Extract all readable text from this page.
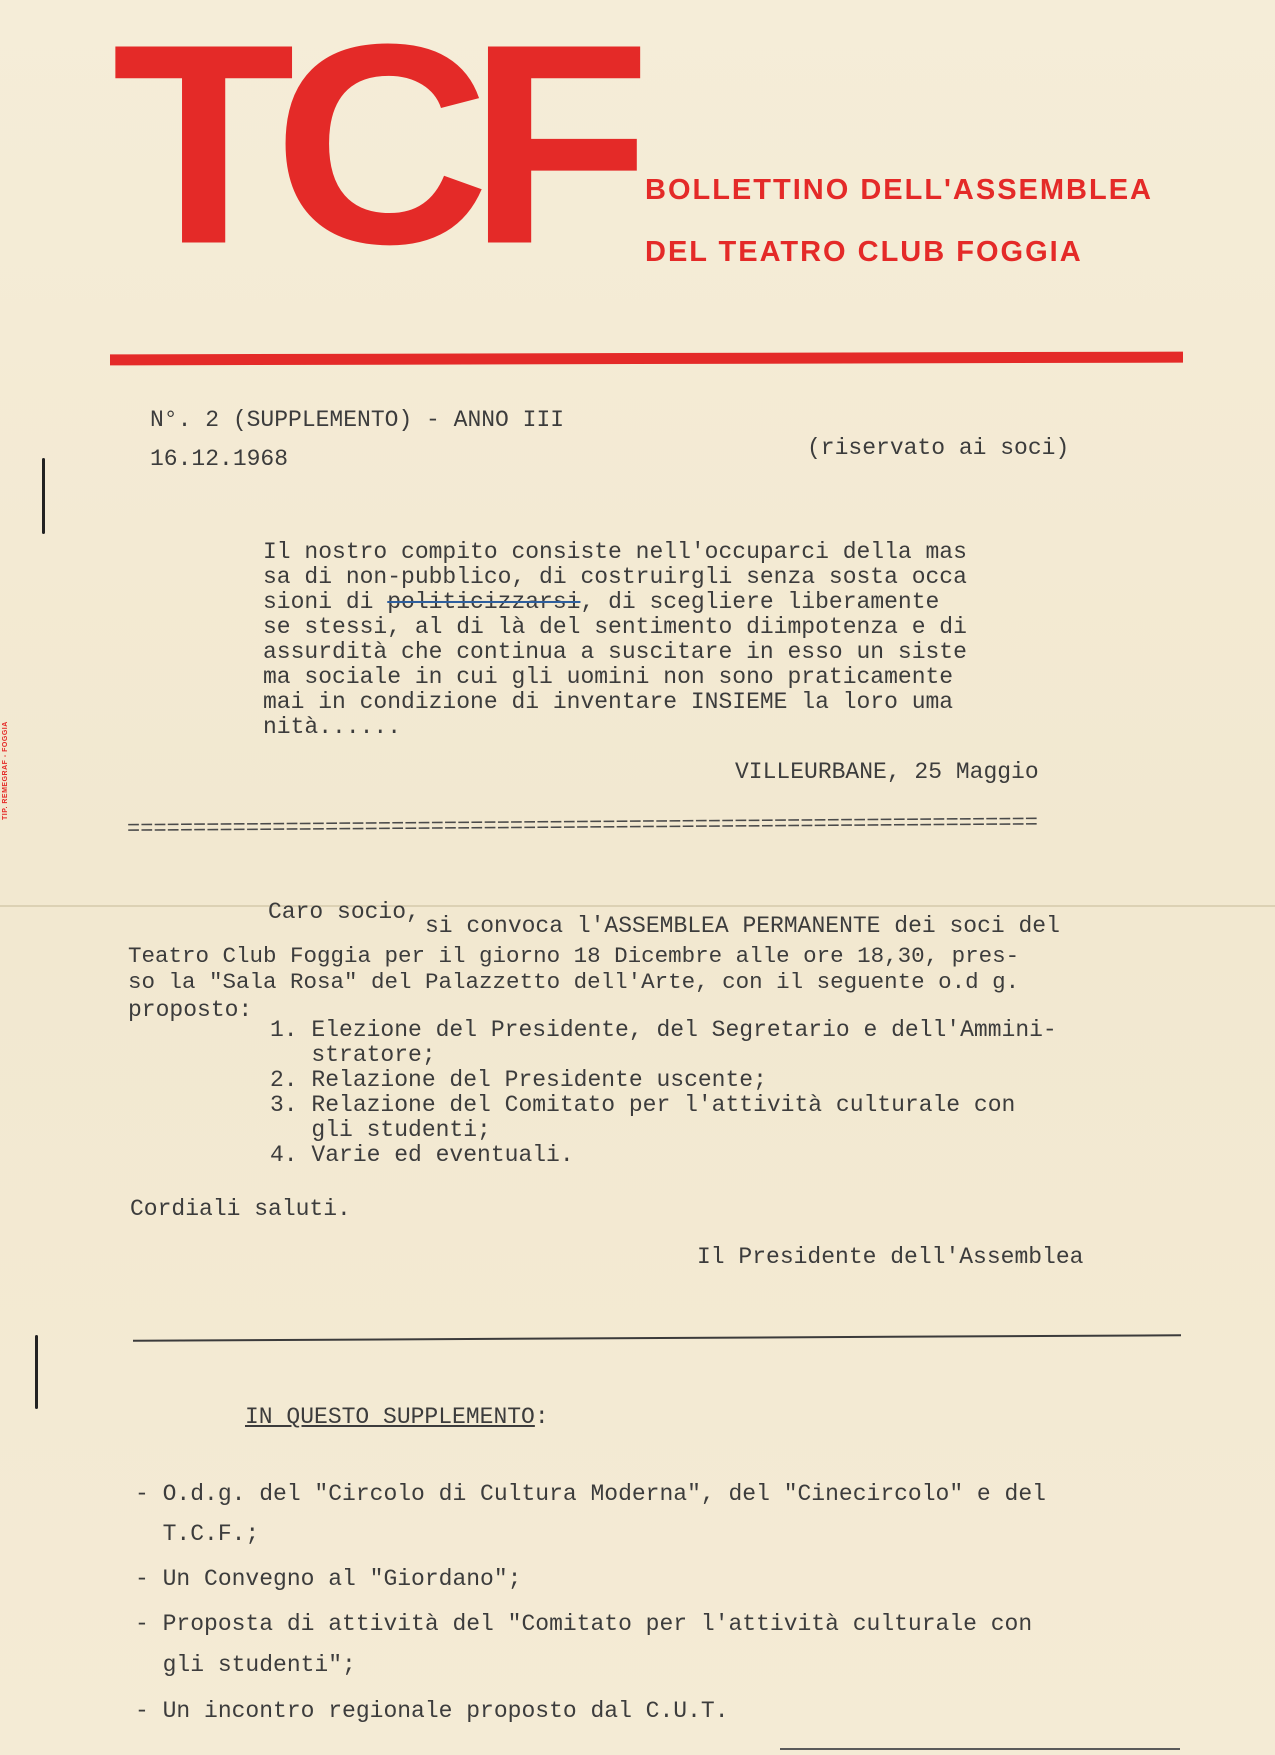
TCF BOLLETTINO DELL'ASSEMBLEA
DEL TEATRO CLUB FOGGIA
TIP. REMEGRAF - FOGGIA
N°. 2 (SUPPLEMENTO) - ANNO III
16.12.1968	(riservato ai soci)
Il nostro compito consiste nell'occuparci della mas
sa di non-pubblico, di costruirgli senza sosta occa
sioni di politicizzarsi, di scegliere liberamente
se stessi, al di là del sentimento diimpotenza e di
assurdità che continua a suscitare in esso un siste
ma sociale in cui gli uomini non sono praticamente
mai in condizione di inventare INSIEME la loro uma
nità......
VILLEURBANE, 25 Maggio
=====================================================================
Caro socio,
si convoca l'ASSEMBLEA PERMANENTE dei soci del
Teatro Club Foggia per il giorno 18 Dicembre alle ore 18,30, pres-
so la "Sala Rosa" del Palazzetto dell'Arte, con il seguente o.d g.
proposto:
1. Elezione del Presidente, del Segretario e dell'Ammini-
stratore;
2. Relazione del Presidente uscente;
3. Relazione del Comitato per l'attività culturale con
gli studenti;
4. Varie ed eventuali.
Cordiali saluti.
Il Presidente dell'Assemblea
IN QUESTO SUPPLEMENTO:
- O.d.g. del "Circolo di Cultura Moderna", del "Cinecircolo" e del
T.C.F.;
- Un Convegno al "Giordano";
- Proposta di attività del "Comitato per l'attività culturale con
gli studenti";
- Un incontro regionale proposto dal C.U.T.
